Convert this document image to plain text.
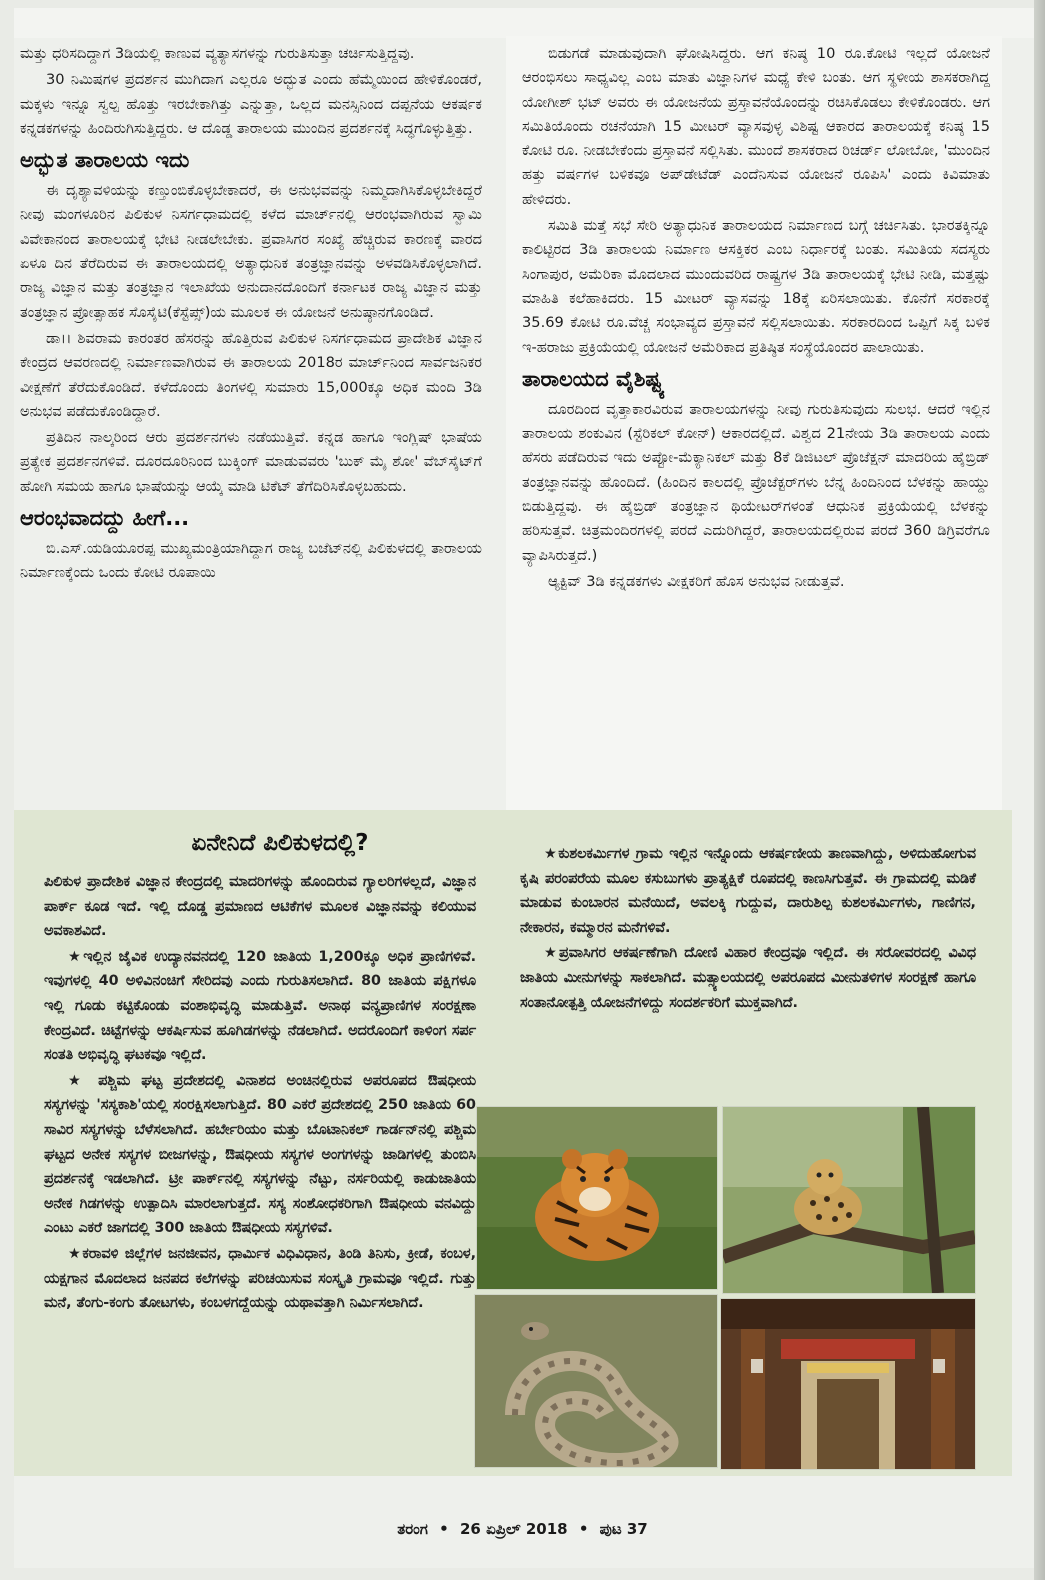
ಮತ್ತು ಧರಿಸದಿದ್ದಾಗ 3ಡಿಯಲ್ಲಿ ಕಾಣುವ ವ್ಯತ್ಯಾಸಗಳನ್ನು ಗುರುತಿಸುತ್ತಾ ಚರ್ಚಿಸುತ್ತಿದ್ದವು.

30 ನಿಮಿಷಗಳ ಪ್ರದರ್ಶನ ಮುಗಿದಾಗ ಎಲ್ಲರೂ ಅದ್ಭುತ ಎಂದು ಹೆಮ್ಮೆಯಿಂದ ಹೇಳಿಕೊಂಡರೆ, ಮಕ್ಕಳು ಇನ್ನೂ ಸ್ವಲ್ಪ ಹೊತ್ತು ಇರಬೇಕಾಗಿತ್ತು ಎನ್ನುತ್ತಾ, ಒಲ್ಲದ ಮನಸ್ಸಿನಿಂದ ದಪ್ಪನೆಯ ಆಕರ್ಷಕ ಕನ್ನಡಕಗಳನ್ನು ಹಿಂದಿರುಗಿಸುತ್ತಿದ್ದರು. ಆ ದೊಡ್ಡ ತಾರಾಲಯ ಮುಂದಿನ ಪ್ರದರ್ಶನಕ್ಕೆ ಸಿದ್ಧಗೊಳ್ಳುತ್ತಿತ್ತು.

ಅದ್ಭುತ ತಾರಾಲಯ ಇದು

ಈ ದೃಶ್ಯಾವಳಿಯನ್ನು ಕಣ್ತುಂಬಿಕೊಳ್ಳಬೇಕಾದರೆ, ಈ ಅನುಭವವನ್ನು ನಿಮ್ಮದಾಗಿಸಿಕೊಳ್ಳಬೇಕಿದ್ದರೆ ನೀವು ಮಂಗಳೂರಿನ ಪಿಲಿಕುಳ ನಿಸರ್ಗಧಾಮದಲ್ಲಿ ಕಳೆದ ಮಾರ್ಚ್‌ನಲ್ಲಿ ಆರಂಭವಾಗಿರುವ ಸ್ವಾಮಿ ವಿವೇಕಾನಂದ ತಾರಾಲಯಕ್ಕೆ ಭೇಟಿ ನೀಡಲೇಬೇಕು. ಪ್ರವಾಸಿಗರ ಸಂಖ್ಯೆ ಹೆಚ್ಚಿರುವ ಕಾರಣಕ್ಕೆ ವಾರದ ಏಳೂ ದಿನ ತೆರೆದಿರುವ ಈ ತಾರಾಲಯದಲ್ಲಿ ಅತ್ಯಾಧುನಿಕ ತಂತ್ರಜ್ಞಾನವನ್ನು ಅಳವಡಿಸಿಕೊಳ್ಳಲಾಗಿದೆ. ರಾಜ್ಯ ವಿಜ್ಞಾನ ಮತ್ತು ತಂತ್ರಜ್ಞಾನ ಇಲಾಖೆಯ ಅನುದಾನದೊಂದಿಗೆ ಕರ್ನಾಟಕ ರಾಜ್ಯ ವಿಜ್ಞಾನ ಮತ್ತು ತಂತ್ರಜ್ಞಾನ ಪ್ರೋತ್ಸಾಹಕ ಸೊಸೈಟಿ(ಕೆಸ್ಟೆಪ್ಸ್)ಯ ಮೂಲಕ ಈ ಯೋಜನೆ ಅನುಷ್ಠಾನಗೊಂಡಿದೆ.

ಡಾ।। ಶಿವರಾಮ ಕಾರಂತರ ಹೆಸರನ್ನು ಹೊತ್ತಿರುವ ಪಿಲಿಕುಳ ನಿಸರ್ಗಧಾಮದ ಪ್ರಾದೇಶಿಕ ವಿಜ್ಞಾನ ಕೇಂದ್ರದ ಆವರಣದಲ್ಲಿ ನಿರ್ಮಾಣವಾಗಿರುವ ಈ ತಾರಾಲಯ 2018ರ ಮಾರ್ಚ್‌ನಿಂದ ಸಾರ್ವಜನಿಕರ ವೀಕ್ಷಣೆಗೆ ತೆರೆದುಕೊಂಡಿದೆ. ಕಳೆದೊಂದು ತಿಂಗಳಲ್ಲಿ ಸುಮಾರು 15,000ಕ್ಕೂ ಅಧಿಕ ಮಂದಿ 3ಡಿ ಅನುಭವ ಪಡೆದುಕೊಂಡಿದ್ದಾರೆ.

ಪ್ರತಿದಿನ ನಾಲ್ಕರಿಂದ ಆರು ಪ್ರದರ್ಶನಗಳು ನಡೆಯುತ್ತಿವೆ. ಕನ್ನಡ ಹಾಗೂ ಇಂಗ್ಲಿಷ್ ಭಾಷೆಯ ಪ್ರತ್ಯೇಕ ಪ್ರದರ್ಶನಗಳಿವೆ. ದೂರದೂರಿನಿಂದ ಬುಕ್ಕಿಂಗ್ ಮಾಡುವವರು 'ಬುಕ್ ಮೈ ಶೋ' ವೆಬ್‌ಸೈಟ್‌ಗೆ ಹೋಗಿ ಸಮಯ ಹಾಗೂ ಭಾಷೆಯನ್ನು ಆಯ್ಕೆ ಮಾಡಿ ಟಿಕೆಟ್ ತೆಗೆದಿರಿಸಿಕೊಳ್ಳಬಹುದು.

ಆರಂಭವಾದದ್ದು ಹೀಗೆ...

ಬಿ.ಎಸ್.ಯಡಿಯೂರಪ್ಪ ಮುಖ್ಯಮಂತ್ರಿಯಾಗಿದ್ದಾಗ ರಾಜ್ಯ ಬಜೆಟ್‌ನಲ್ಲಿ ಪಿಲಿಕುಳದಲ್ಲಿ ತಾರಾಲಯ ನಿರ್ಮಾಣಕ್ಕೆಂದು ಒಂದು ಕೋಟಿ ರೂಪಾಯಿ

ಬಿಡುಗಡೆ ಮಾಡುವುದಾಗಿ ಘೋಷಿಸಿದ್ದರು. ಆಗ ಕನಿಷ್ಠ 10 ರೂ.ಕೋಟಿ ಇಲ್ಲದೆ ಯೋಜನೆ ಆರಂಭಿಸಲು ಸಾಧ್ಯವಿಲ್ಲ ಎಂಬ ಮಾತು ವಿಜ್ಞಾನಿಗಳ ಮಧ್ಯೆ ಕೇಳಿ ಬಂತು. ಆಗ ಸ್ಥಳೀಯ ಶಾಸಕರಾಗಿದ್ದ ಯೋಗೀಶ್ ಭಟ್ ಅವರು ಈ ಯೋಜನೆಯ ಪ್ರಸ್ತಾವನೆಯೊಂದನ್ನು ರಚಿಸಿಕೊಡಲು ಕೇಳಿಕೊಂಡರು. ಆಗ ಸಮಿತಿಯೊಂದು ರಚನೆಯಾಗಿ 15 ಮೀಟರ್ ವ್ಯಾಸವುಳ್ಳ ವಿಶಿಷ್ಟ ಆಕಾರದ ತಾರಾಲಯಕ್ಕೆ ಕನಿಷ್ಠ 15 ಕೋಟಿ ರೂ. ನೀಡಬೇಕೆಂದು ಪ್ರಸ್ತಾವನೆ ಸಲ್ಲಿಸಿತು. ಮುಂದೆ ಶಾಸಕರಾದ ರಿಚರ್ಡ್ ಲೋಬೋ, 'ಮುಂದಿನ ಹತ್ತು ವರ್ಷಗಳ ಬಳಿಕವೂ ಅಪ್‌ಡೇಟೆಡ್ ಎಂದೆನಿಸುವ ಯೋಜನೆ ರೂಪಿಸಿ' ಎಂದು ಕಿವಿಮಾತು ಹೇಳಿದರು.

ಸಮಿತಿ ಮತ್ತೆ ಸಭೆ ಸೇರಿ ಅತ್ಯಾಧುನಿಕ ತಾರಾಲಯದ ನಿರ್ಮಾಣದ ಬಗ್ಗೆ ಚರ್ಚಿಸಿತು. ಭಾರತಕ್ಕಿನ್ನೂ ಕಾಲಿಟ್ಟಿರದ 3ಡಿ ತಾರಾಲಯ ನಿರ್ಮಾಣ ಆಸಕ್ತಿಕರ ಎಂಬ ನಿರ್ಧಾರಕ್ಕೆ ಬಂತು. ಸಮಿತಿಯ ಸದಸ್ಯರು ಸಿಂಗಾಪುರ, ಅಮೆರಿಕಾ ಮೊದಲಾದ ಮುಂದುವರಿದ ರಾಷ್ಟ್ರಗಳ 3ಡಿ ತಾರಾಲಯಕ್ಕೆ ಭೇಟಿ ನೀಡಿ, ಮತ್ತಷ್ಟು ಮಾಹಿತಿ ಕಲೆಹಾಕಿದರು. 15 ಮೀಟರ್ ವ್ಯಾಸವನ್ನು 18ಕ್ಕೆ ಏರಿಸಲಾಯಿತು. ಕೊನೆಗೆ ಸರಕಾರಕ್ಕೆ 35.69 ಕೋಟಿ ರೂ.ವೆಚ್ಚ ಸಂಭಾವ್ಯದ ಪ್ರಸ್ತಾವನೆ ಸಲ್ಲಿಸಲಾಯಿತು. ಸರಕಾರದಿಂದ ಒಪ್ಪಿಗೆ ಸಿಕ್ಕ ಬಳಿಕ ಇ-ಹರಾಜು ಪ್ರಕ್ರಿಯೆಯಲ್ಲಿ ಯೋಜನೆ ಅಮೆರಿಕಾದ ಪ್ರತಿಷ್ಠಿತ ಸಂಸ್ಥೆಯೊಂದರ ಪಾಲಾಯಿತು.

ತಾರಾಲಯದ ವೈಶಿಷ್ಟ್ಯ

ದೂರದಿಂದ ವೃತ್ತಾಕಾರವಿರುವ ತಾರಾಲಯಗಳನ್ನು ನೀವು ಗುರುತಿಸುವುದು ಸುಲಭ. ಆದರೆ ಇಲ್ಲಿನ ತಾರಾಲಯ ಶಂಕುವಿನ (ಸ್ಟೆರಿಕಲ್ ಕೋನ್) ಆಕಾರದಲ್ಲಿದೆ. ವಿಶ್ವದ 21ನೇಯ 3ಡಿ ತಾರಾಲಯ ಎಂದು ಹೆಸರು ಪಡೆದಿರುವ ಇದು ಅಪ್ಟೋ-ಮೆಕ್ಯಾನಿಕಲ್ ಮತ್ತು 8ಕೆ ಡಿಜಿಟಲ್ ಪ್ರೊಜೆಕ್ಷನ್ ಮಾದರಿಯ ಹೈಬ್ರಿಡ್ ತಂತ್ರಜ್ಞಾನವನ್ನು ಹೊಂದಿದೆ. (ಹಿಂದಿನ ಕಾಲದಲ್ಲಿ ಪ್ರೊಜೆಕ್ಟರ್‌ಗಳು ಬೆನ್ನ ಹಿಂದಿನಿಂದ ಬೆಳಕನ್ನು ಹಾಯ್ದು ಬಿಡುತ್ತಿದ್ದವು. ಈ ಹೈಬ್ರಿಡ್ ತಂತ್ರಜ್ಞಾನ ಥಿಯೇಟರ್‌ಗಳಂತೆ ಆಧುನಿಕ ಪ್ರಕ್ರಿಯೆಯಲ್ಲಿ ಬೆಳಕನ್ನು ಹರಿಸುತ್ತವೆ. ಚಿತ್ರಮಂದಿರಗಳಲ್ಲಿ ಪರದೆ ಎದುರಿಗಿದ್ದರೆ, ತಾರಾಲಯದಲ್ಲಿರುವ ಪರದೆ 360 ಡಿಗ್ರಿವರೆಗೂ ವ್ಯಾಪಿಸಿರುತ್ತದೆ.)

ಆ್ಯಕ್ಟಿವ್ 3ಡಿ ಕನ್ನಡಕಗಳು ವೀಕ್ಷಕರಿಗೆ ಹೊಸ ಅನುಭವ ನೀಡುತ್ತವೆ.

ಏನೇನಿದೆ ಪಿಲಿಕುಳದಲ್ಲಿ?

ಪಿಲಿಕುಳ ಪ್ರಾದೇಶಿಕ ವಿಜ್ಞಾನ ಕೇಂದ್ರದಲ್ಲಿ ಮಾದರಿಗಳನ್ನು ಹೊಂದಿರುವ ಗ್ಯಾಲರಿಗಳಲ್ಲದೆ, ವಿಜ್ಞಾನ ಪಾರ್ಕ್ ಕೂಡ ಇದೆ. ಇಲ್ಲಿ ದೊಡ್ಡ ಪ್ರಮಾಣದ ಆಟಿಕೆಗಳ ಮೂಲಕ ವಿಜ್ಞಾನವನ್ನು ಕಲಿಯುವ ಅವಕಾಶವಿದೆ.

★ಇಲ್ಲಿನ ಜೈವಿಕ ಉದ್ಯಾನವನದಲ್ಲಿ 120 ಜಾತಿಯ 1,200ಕ್ಕೂ ಅಧಿಕ ಪ್ರಾಣಿಗಳಿವೆ. ಇವುಗಳಲ್ಲಿ 40 ಅಳಿವಿನಂಚಿಗೆ ಸೇರಿದವು ಎಂದು ಗುರುತಿಸಲಾಗಿದೆ. 80 ಜಾತಿಯ ಪಕ್ಷಿಗಳೂ ಇಲ್ಲಿ ಗೂಡು ಕಟ್ಟಿಕೊಂಡು ವಂಶಾಭಿವೃದ್ಧಿ ಮಾಡುತ್ತಿವೆ. ಅನಾಥ ವನ್ಯಪ್ರಾಣಿಗಳ ಸಂರಕ್ಷಣಾ ಕೇಂದ್ರವಿದೆ. ಚಿಟ್ಟೆಗಳನ್ನು ಆಕರ್ಷಿಸುವ ಹೂಗಿಡಗಳನ್ನು ನೆಡಲಾಗಿದೆ. ಅದರೊಂದಿಗೆ ಕಾಳಿಂಗ ಸರ್ಪ ಸಂತತಿ ಅಭಿವೃದ್ಧಿ ಘಟಕವೂ ಇಲ್ಲಿದೆ.

★ ಪಶ್ಚಿಮ ಘಟ್ಟ ಪ್ರದೇಶದಲ್ಲಿ ವಿನಾಶದ ಅಂಚಿನಲ್ಲಿರುವ ಅಪರೂಪದ ಔಷಧೀಯ ಸಸ್ಯಗಳನ್ನು 'ಸಸ್ಯಕಾಶಿ'ಯಲ್ಲಿ ಸಂರಕ್ಷಿಸಲಾಗುತ್ತಿದೆ. 80 ಎಕರೆ ಪ್ರದೇಶದಲ್ಲಿ 250 ಜಾತಿಯ 60 ಸಾವಿರ ಸಸ್ಯಗಳನ್ನು ಬೆಳೆಸಲಾಗಿದೆ. ಹರ್ಬೇರಿಯಂ ಮತ್ತು ಬೊಟಾನಿಕಲ್ ಗಾರ್ಡನ್‌ನಲ್ಲಿ ಪಶ್ಚಿಮ ಘಟ್ಟದ ಅನೇಕ ಸಸ್ಯಗಳ ಬೀಜಗಳನ್ನು, ಔಷಧೀಯ ಸಸ್ಯಗಳ ಅಂಗಗಳನ್ನು ಜಾಡಿಗಳಲ್ಲಿ ತುಂಬಿಸಿ ಪ್ರದರ್ಶನಕ್ಕೆ ಇಡಲಾಗಿದೆ. ಟ್ರೀ ಪಾರ್ಕ್‌ನಲ್ಲಿ ಸಸ್ಯಗಳನ್ನು ನೆಟ್ಟು, ನರ್ಸರಿಯಲ್ಲಿ ಕಾಡುಜಾತಿಯ ಅನೇಕ ಗಿಡಗಳನ್ನು ಉತ್ಪಾದಿಸಿ ಮಾರಲಾಗುತ್ತದೆ. ಸಸ್ಯ ಸಂಶೋಧಕರಿಗಾಗಿ ಔಷಧೀಯ ವನವಿದ್ದು ಎಂಟು ಎಕರೆ ಜಾಗದಲ್ಲಿ 300 ಜಾತಿಯ ಔಷಧೀಯ ಸಸ್ಯಗಳಿವೆ.

★ಕರಾವಳಿ ಜಿಲ್ಲೆಗಳ ಜನಜೀವನ, ಧಾರ್ಮಿಕ ವಿಧಿವಿಧಾನ, ತಿಂಡಿ ತಿನಿಸು, ಕ್ರೀಡೆ, ಕಂಬಳ, ಯಕ್ಷಗಾನ ಮೊದಲಾದ ಜನಪದ ಕಲೆಗಳನ್ನು ಪರಿಚಯಿಸುವ ಸಂಸ್ಕೃತಿ ಗ್ರಾಮವೂ ಇಲ್ಲಿದೆ. ಗುತ್ತು ಮನೆ, ತೆಂಗು-ಕಂಗು ತೋಟಗಳು, ಕಂಬಳಗದ್ದೆಯನ್ನು ಯಥಾವತ್ತಾಗಿ ನಿರ್ಮಿಸಲಾಗಿದೆ.

★ಕುಶಲಕರ್ಮಿಗಳ ಗ್ರಾಮ ಇಲ್ಲಿನ ಇನ್ನೊಂದು ಆಕರ್ಷಣೀಯ ತಾಣವಾಗಿದ್ದು, ಅಳಿದುಹೋಗುವ ಕೃಷಿ ಪರಂಪರೆಯ ಮೂಲ ಕಸುಬುಗಳು ಪ್ರಾತ್ಯಕ್ಷಿಕೆ ರೂಪದಲ್ಲಿ ಕಾಣಸಿಗುತ್ತವೆ. ಈ ಗ್ರಾಮದಲ್ಲಿ ಮಡಿಕೆ ಮಾಡುವ ಕುಂಬಾರನ ಮನೆಯಿದೆ, ಅವಲಕ್ಕಿ ಗುದ್ದುವ, ದಾರುಶಿಲ್ಪ ಕುಶಲಕರ್ಮಿಗಳು, ಗಾಣಿಗನ, ನೇಕಾರನ, ಕಮ್ಮಾರನ ಮನೆಗಳಿವೆ.

★ಪ್ರವಾಸಿಗರ ಆಕರ್ಷಣೆಗಾಗಿ ದೋಣಿ ವಿಹಾರ ಕೇಂದ್ರವೂ ಇಲ್ಲಿದೆ. ಈ ಸರೋವರದಲ್ಲಿ ವಿವಿಧ ಜಾತಿಯ ಮೀನುಗಳನ್ನು ಸಾಕಲಾಗಿದೆ. ಮತ್ಸ್ಯಾಲಯದಲ್ಲಿ ಅಪರೂಪದ ಮೀನುತಳಿಗಳ ಸಂರಕ್ಷಣೆ ಹಾಗೂ ಸಂತಾನೋತ್ಪತ್ತಿ ಯೋಜನೆಗಳಿದ್ದು ಸಂದರ್ಶಕರಿಗೆ ಮುಕ್ತವಾಗಿದೆ.

ತರಂಗ • 26 ಏಪ್ರಿಲ್ 2018 • ಪುಟ 37
